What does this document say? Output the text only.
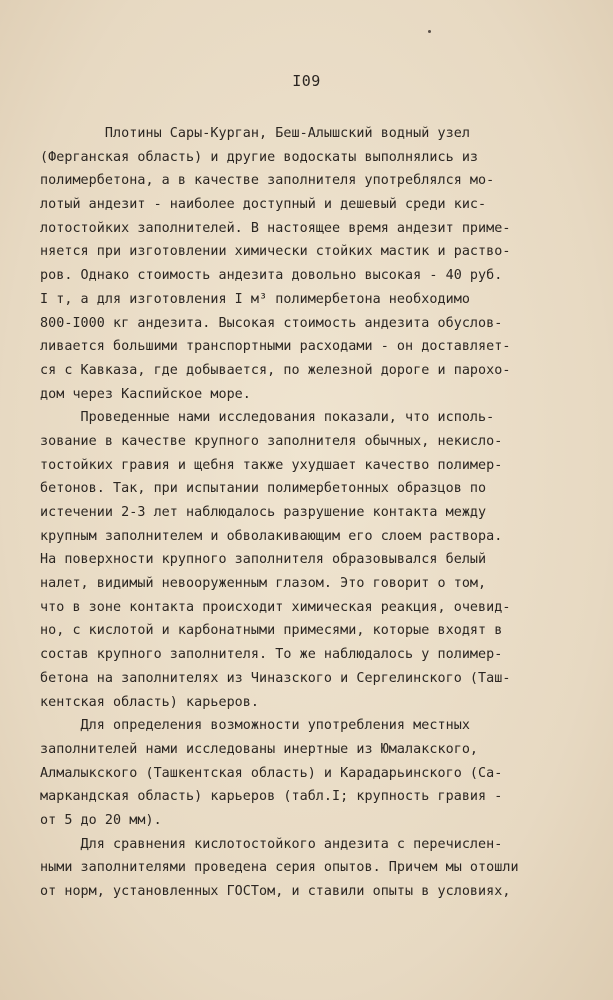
I09
Плотины Сары-Курган, Беш-Алышский водный узел
(Ферганская область) и другие водоскаты выполнялись из
полимербетона, а в качестве заполнителя употреблялся мо-
лотый андезит - наиболее доступный и дешевый среди кис-
лотостойких заполнителей. В настоящее время андезит приме-
няется при изготовлении химически стойких мастик и раство-
ров. Однако стоимость андезита довольно высокая - 40 руб.
I т, а для изготовления I м³ полимербетона необходимо
800-I000 кг андезита. Высокая стоимость андезита обуслов-
ливается большими транспортными расходами - он доставляет-
ся с Кавказа, где добывается, по железной дороге и парохо-
дом через Каспийское море.
Проведенные нами исследования показали, что исполь-
зование в качестве крупного заполнителя обычных, некисло-
тостойких гравия и щебня также ухудшает качество полимер-
бетонов. Так, при испытании полимербетонных образцов по
истечении 2-3 лет наблюдалось разрушение контакта между
крупным заполнителем и обволакивающим его слоем раствора.
На поверхности крупного заполнителя образовывался белый
налет, видимый невооруженным глазом. Это говорит о том,
что в зоне контакта происходит химическая реакция, очевид-
но, с кислотой и карбонатными примесями, которые входят в
состав крупного заполнителя. То же наблюдалось у полимер-
бетона на заполнителях из Чиназского и Сергелинского (Таш-
кентская область) карьеров.
Для определения возможности употребления местных
заполнителей нами исследованы инертные из Юмалакского,
Алмалыкского (Ташкентская область) и Карадарьинского (Са-
маркандская область) карьеров (табл.I; крупность гравия -
от 5 до 20 мм).
Для сравнения кислотостойкого андезита с перечислен-
ными заполнителями проведена серия опытов. Причем мы отошли
от норм, установленных ГОСТом, и ставили опыты в условиях,
